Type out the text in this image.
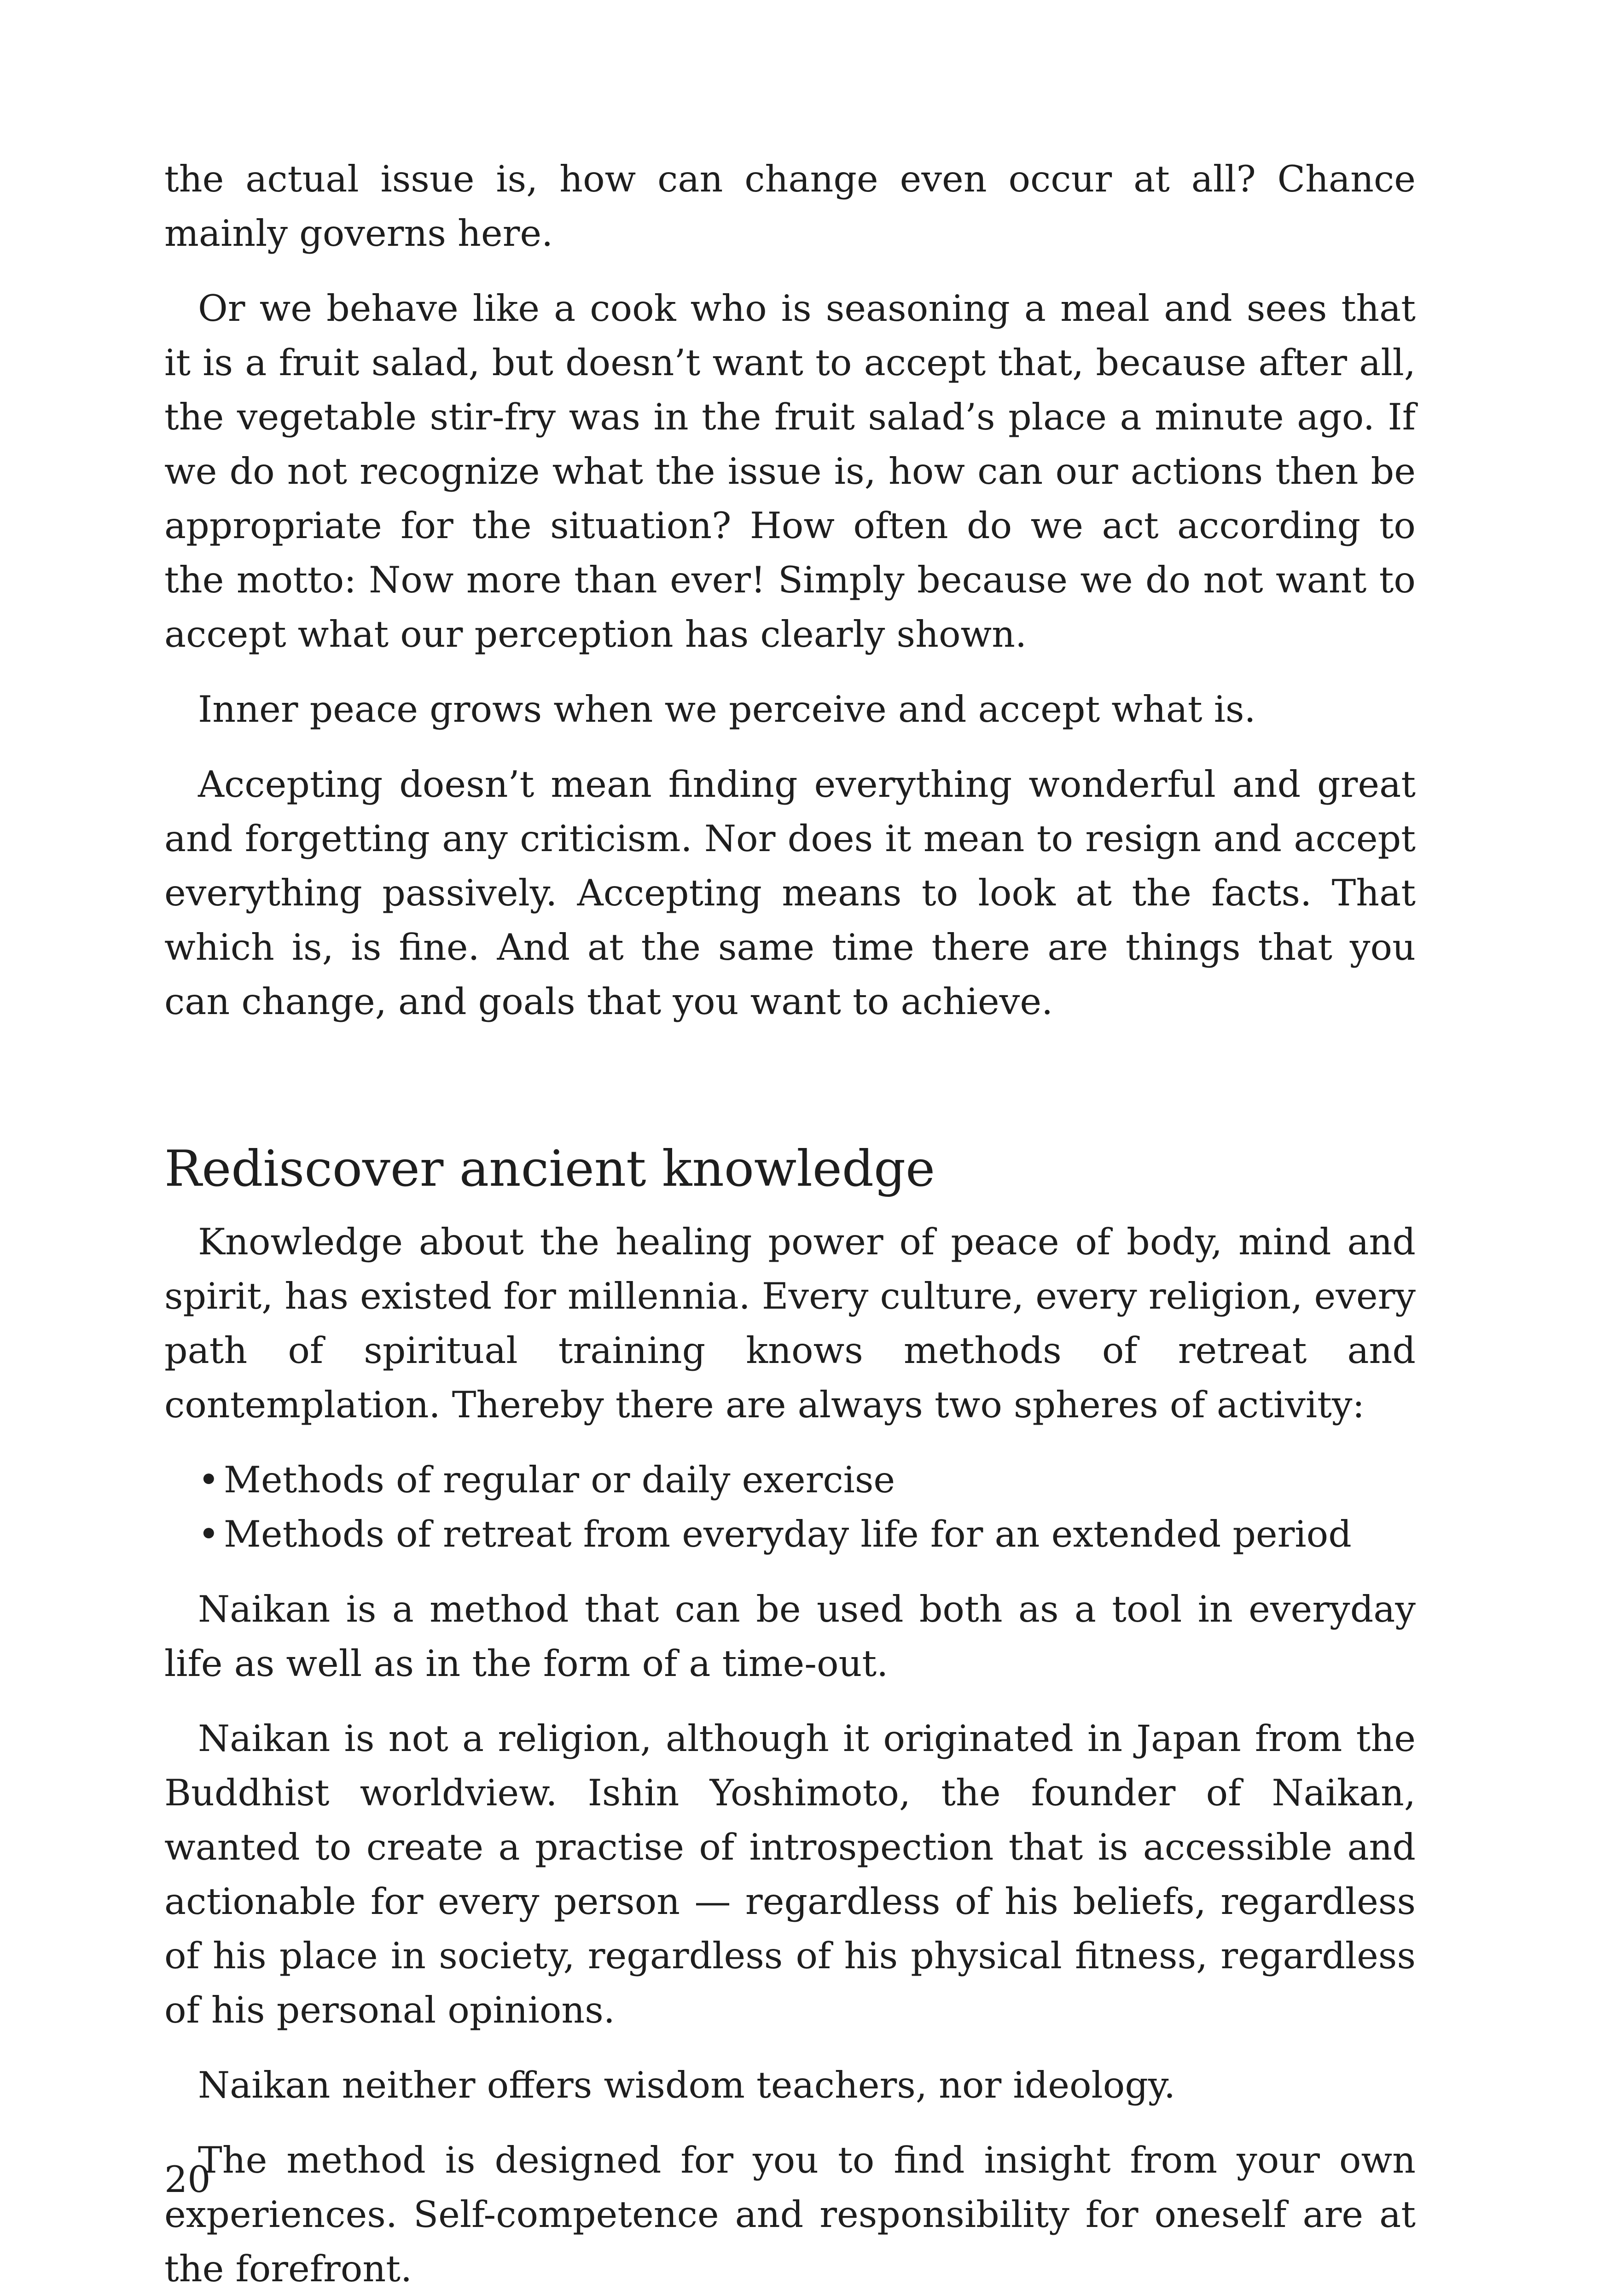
the actual issue is, how can change even occur at all? Chance mainly governs here.

Or we behave like a cook who is seasoning a meal and sees that it is a fruit salad, but doesn’t want to accept that, because after all, the vegetable stir-fry was in the fruit salad’s place a minute ago. If we do not recognize what the issue is, how can our actions then be appropriate for the situation? How often do we act according to the motto: Now more than ever! Simply because we do not want to accept what our perception has clearly shown.

Inner peace grows when we perceive and accept what is.

Accepting doesn’t mean finding everything wonderful and great and forgetting any criticism. Nor does it mean to resign and accept everything passively. Accepting means to look at the facts. That which is, is fine. And at the same time there are things that you can change, and goals that you want to achieve.

Rediscover ancient knowledge

Knowledge about the healing power of peace of body, mind and spirit, has existed for millennia. Every culture, every religion, every path of spiritual training knows methods of retreat and contemplation. Thereby there are always two spheres of activity:

• Methods of regular or daily exercise
• Methods of retreat from everyday life for an extended period

Naikan is a method that can be used both as a tool in everyday life as well as in the form of a time-out.

Naikan is not a religion, although it originated in Japan from the Buddhist worldview. Ishin Yoshimoto, the founder of Naikan, wanted to create a practise of introspection that is accessible and actionable for every person — regardless of his beliefs, regardless of his place in society, regardless of his physical fitness, regardless of his personal opinions.

Naikan neither offers wisdom teachers, nor ideology.

The method is designed for you to find insight from your own experiences. Self-competence and responsibility for oneself are at the forefront.

20
